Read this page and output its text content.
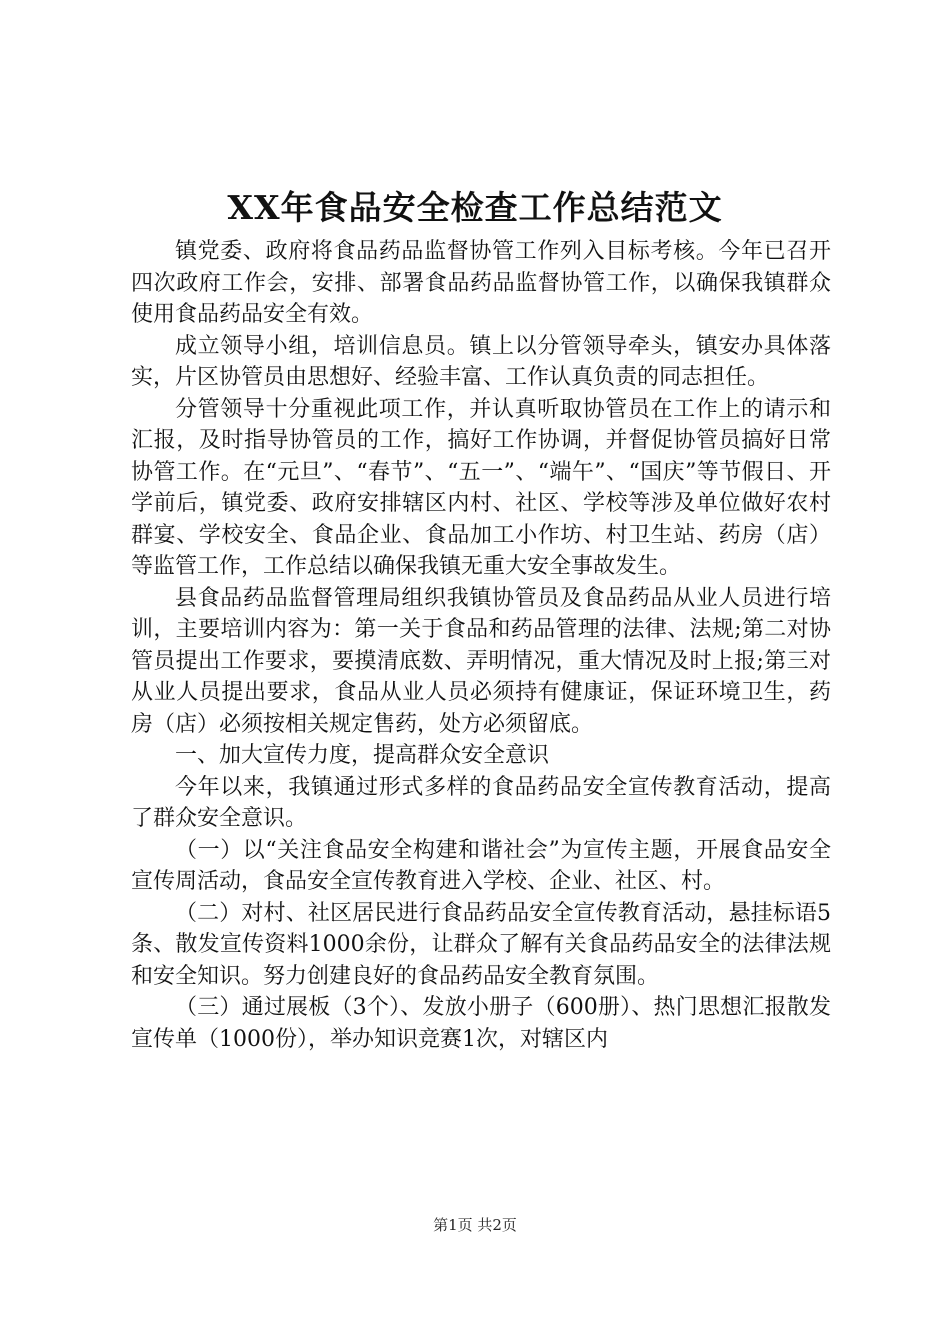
XX年食品安全检查工作总结范文

镇党委、政府将食品药品监督协管工作列入目标考核。今年已召开四次政府工作会，安排、部署食品药品监督协管工作，以确保我镇群众使用食品药品安全有效。

成立领导小组，培训信息员。镇上以分管领导牵头，镇安办具体落实，片区协管员由思想好、经验丰富、工作认真负责的同志担任。

分管领导十分重视此项工作，并认真听取协管员在工作上的请示和汇报，及时指导协管员的工作，搞好工作协调，并督促协管员搞好日常协管工作。在“元旦”、“春节”、“五一”、“端午”、“国庆”等节假日、开学前后，镇党委、政府安排辖区内村、社区、学校等涉及单位做好农村群宴、学校安全、食品企业、食品加工小作坊、村卫生站、药房（店）等监管工作，工作总结以确保我镇无重大安全事故发生。

县食品药品监督管理局组织我镇协管员及食品药品从业人员进行培训，主要培训内容为：第一关于食品和药品管理的法律、法规;第二对协管员提出工作要求，要摸清底数、弄明情况，重大情况及时上报;第三对从业人员提出要求，食品从业人员必须持有健康证，保证环境卫生，药房（店）必须按相关规定售药，处方必须留底。

一、加大宣传力度，提高群众安全意识

今年以来，我镇通过形式多样的食品药品安全宣传教育活动，提高了群众安全意识。

（一）以“关注食品安全构建和谐社会”为宣传主题，开展食品安全宣传周活动，食品安全宣传教育进入学校、企业、社区、村。

（二）对村、社区居民进行食品药品安全宣传教育活动，悬挂标语5条、散发宣传资料1000余份，让群众了解有关食品药品安全的法律法规和安全知识。努力创建良好的食品药品安全教育氛围。

（三）通过展板（3个）、发放小册子（600册）、热门思想汇报散发宣传单（1000份），举办知识竞赛1次，对辖区内

第1页 共2页
